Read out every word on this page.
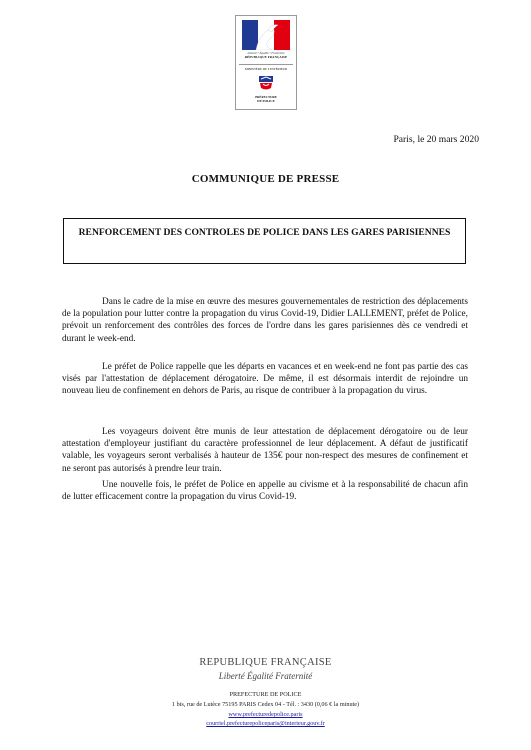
Liberté • Égalité • Fraternité
RÉPUBLIQUE FRANÇAISE
MINISTÈRE DE L'INTÉRIEUR
PRÉFECTURE
DE POLICE
Paris, le 20 mars 2020
COMMUNIQUE DE PRESSE
RENFORCEMENT DES CONTROLES DE POLICE DANS LES GARES PARISIENNES

Dans le cadre de la mise en œuvre des mesures gouvernementales de restriction des déplacements de la population pour lutter contre la propagation du virus Covid-19, Didier LALLEMENT, préfet de Police, prévoit un renforcement des contrôles des forces de l'ordre dans les gares parisiennes dès ce vendredi et durant le week-end.

Le préfet de Police rappelle que les départs en vacances et en week-end ne font pas partie des cas visés par l'attestation de déplacement dérogatoire. De même, il est désormais interdit de rejoindre un nouveau lieu de confinement en dehors de Paris, au risque de contribuer à la propagation du virus.

Les voyageurs doivent être munis de leur attestation de déplacement dérogatoire ou de leur attestation d'employeur justifiant du caractère professionnel de leur déplacement. A défaut de justificatif valable, les voyageurs seront verbalisés à hauteur de 135€ pour non-respect des mesures de confinement et ne seront pas autorisés à prendre leur train.

Une nouvelle fois, le préfet de Police en appelle au civisme et à la responsabilité de chacun afin de lutter efficacement contre la propagation du virus Covid-19.

REPUBLIQUE FRANÇAISE
Liberté Égalité Fraternité
PREFECTURE DE POLICE
1 bis, rue de Lutèce 75195 PARIS Cedex 04 - Tél. : 3430 (0,06 € la minute)
www.prefecturedepolice.paris
courriel.prefecturepoliceparis@interieur.gouv.fr
